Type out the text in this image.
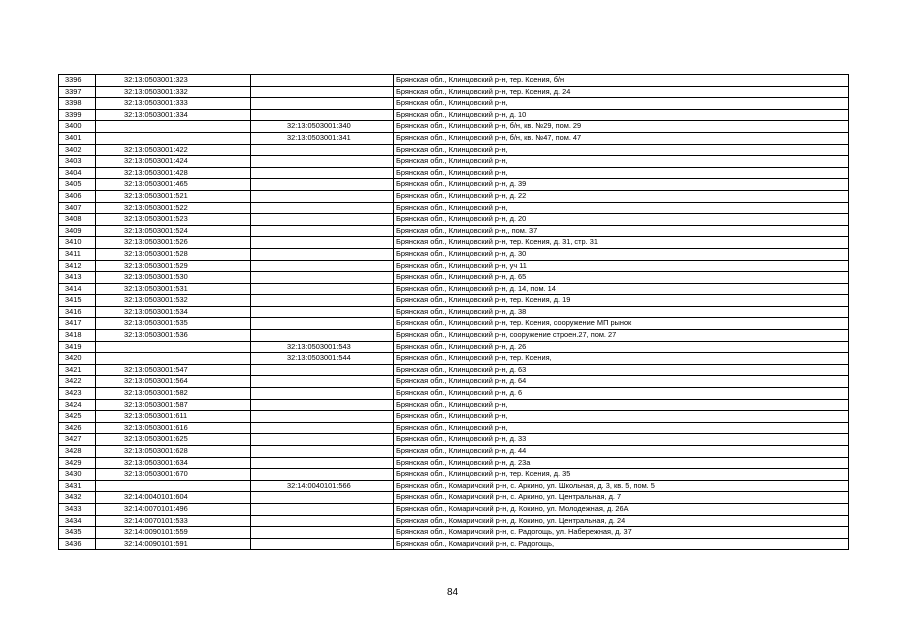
3396	32:13:0503001:323		Брянская обл., Клинцовский р-н, тер. Ксения, б/н
3397	32:13:0503001:332		Брянская обл., Клинцовский р-н, тер. Ксения, д. 24
3398	32:13:0503001:333		Брянская обл., Клинцовский р-н,
3399	32:13:0503001:334		Брянская обл., Клинцовский р-н, д. 10
3400		32:13:0503001:340	Брянская обл., Клинцовский р-н, б/н, кв. №29, пом. 29
3401		32:13:0503001:341	Брянская обл., Клинцовский р-н, б/н, кв. №47, пом. 47
3402	32:13:0503001:422		Брянская обл., Клинцовский р-н,
3403	32:13:0503001:424		Брянская обл., Клинцовский р-н,
3404	32:13:0503001:428		Брянская обл., Клинцовский р-н,
3405	32:13:0503001:465		Брянская обл., Клинцовский р-н, д. 39
3406	32:13:0503001:521		Брянская обл., Клинцовский р-н, д. 22
3407	32:13:0503001:522		Брянская обл., Клинцовский р-н,
3408	32:13:0503001:523		Брянская обл., Клинцовский р-н, д. 20
3409	32:13:0503001:524		Брянская обл., Клинцовский р-н,, пом. 37
3410	32:13:0503001:526		Брянская обл., Клинцовский р-н, тер. Ксения, д. 31, стр. 31
3411	32:13:0503001:528		Брянская обл., Клинцовский р-н, д. 30
3412	32:13:0503001:529		Брянская обл., Клинцовский р-н, уч 11
3413	32:13:0503001:530		Брянская обл., Клинцовский р-н, д. 65
3414	32:13:0503001:531		Брянская обл., Клинцовский р-н, д. 14, пом. 14
3415	32:13:0503001:532		Брянская обл., Клинцовский р-н, тер. Ксения, д. 19
3416	32:13:0503001:534		Брянская обл., Клинцовский р-н, д. 38
3417	32:13:0503001:535		Брянская обл., Клинцовский р-н, тер. Ксения, сооружение МП рынок
3418	32:13:0503001:536		Брянская обл., Клинцовский р-н, сооружение строен.27, пом. 27
3419		32:13:0503001:543	Брянская обл., Клинцовский р-н, д. 26
3420		32:13:0503001:544	Брянская обл., Клинцовский р-н, тер. Ксения,
3421	32:13:0503001:547		Брянская обл., Клинцовский р-н, д. 63
3422	32:13:0503001:564		Брянская обл., Клинцовский р-н, д. 64
3423	32:13:0503001:582		Брянская обл., Клинцовский р-н, д. 6
3424	32:13:0503001:587		Брянская обл., Клинцовский р-н,
3425	32:13:0503001:611		Брянская обл., Клинцовский р-н,
3426	32:13:0503001:616		Брянская обл., Клинцовский р-н,
3427	32:13:0503001:625		Брянская обл., Клинцовский р-н, д. 33
3428	32:13:0503001:628		Брянская обл., Клинцовский р-н, д. 44
3429	32:13:0503001:634		Брянская обл., Клинцовский р-н, д. 23а
3430	32:13:0503001:670		Брянская обл., Клинцовский р-н, тер. Ксения, д. 35
3431		32:14:0040101:566	Брянская обл., Комаричский р-н, с. Аркино, ул. Школьная, д. 3, кв. 5, пом. 5
3432	32:14:0040101:604		Брянская обл., Комаричский р-н, с. Аркино, ул. Центральная, д. 7
3433	32:14:0070101:496		Брянская обл., Комаричский р-н, д. Кокино, ул. Молодежная, д. 26А
3434	32:14:0070101:533		Брянская обл., Комаричский р-н, д. Кокино, ул. Центральная, д. 24
3435	32:14:0090101:559		Брянская обл., Комаричский р-н, с. Радогощь, ул. Набережная, д. 37
3436	32:14:0090101:591		Брянская обл., Комаричский р-н, с. Радогощь,
84
